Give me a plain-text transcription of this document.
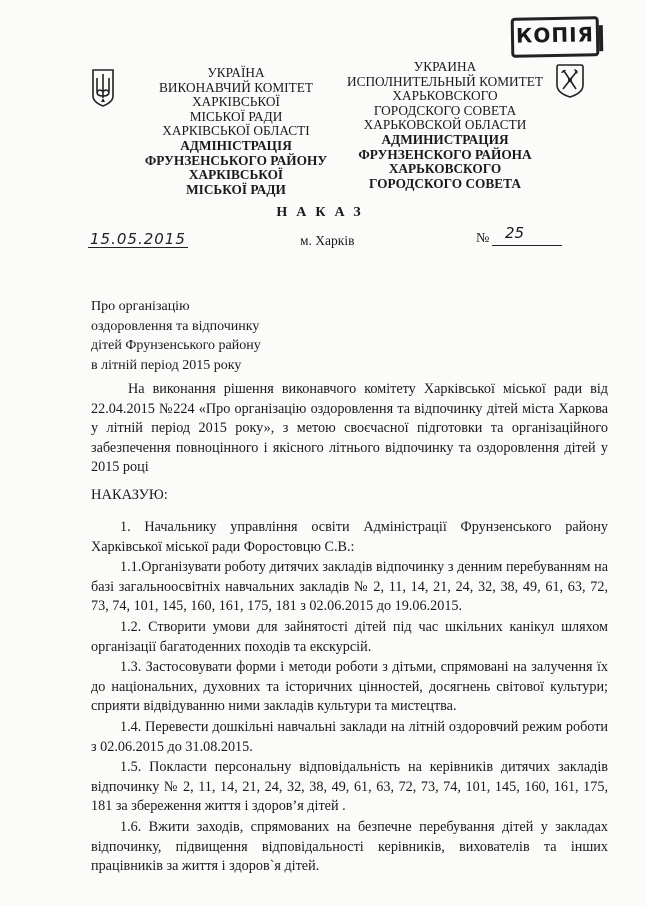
КОПІЯ
УКРАЇНА
ВИКОНАВЧИЙ КОМІТЕТ
ХАРКІВСЬКОЇ
МІСЬКОЇ РАДИ
ХАРКІВСЬКОЇ ОБЛАСТІ
АДМІНІСТРАЦІЯ
ФРУНЗЕНСЬКОГО РАЙОНУ
ХАРКІВСЬКОЇ
МІСЬКОЇ РАДИ
УКРАИНА
ИСПОЛНИТЕЛЬНЫЙ КОМИТЕТ
ХАРЬКОВСКОГО
ГОРОДСКОГО СОВЕТА
ХАРЬКОВСКОЙ ОБЛАСТИ
АДМИНИСТРАЦИЯ
ФРУНЗЕНСКОГО РАЙОНА
ХАРЬКОВСКОГО
ГОРОДСКОГО СОВЕТА
НАКАЗ
15.05.2015	м. Харків	№ 25
Про організацію
оздоровлення та відпочинку
дітей Фрунзенського району
в літній період 2015 року

На виконання рішення виконавчого комітету Харківської міської ради від 22.04.2015 №224 «Про організацію оздоровлення та відпочинку дітей міста Харкова у літній період 2015 року», з метою своєчасної підготовки та організаційного забезпечення повноцінного і якісного літнього відпочинку та оздоровлення дітей у 2015 році

НАКАЗУЮ:

1. Начальнику управління освіти Адміністрації Фрунзенського району Харківської міської ради Форостовцю С.В.:

1.1.Організувати роботу дитячих закладів відпочинку з денним перебуванням на базі загальноосвітніх навчальних закладів № 2, 11, 14, 21, 24, 32, 38, 49, 61, 63, 72, 73, 74, 101, 145, 160, 161, 175, 181 з 02.06.2015 до 19.06.2015.

1.2. Створити умови для зайнятості дітей під час шкільних канікул шляхом організації багатоденних походів та екскурсій.

1.3. Застосовувати форми і методи роботи з дітьми, спрямовані на залучення їх до національних, духовних та історичних цінностей, досягнень світової культури; сприяти відвідуванню ними закладів культури та мистецтва.

1.4. Перевести дошкільні навчальні заклади на літній оздоровчий режим роботи з 02.06.2015 до 31.08.2015.

1.5. Покласти персональну відповідальність на керівників дитячих закладів відпочинку № 2, 11, 14, 21, 24, 32, 38, 49, 61, 63, 72, 73, 74, 101, 145, 160, 161, 175, 181 за збереження життя і здоров’я дітей .

1.6. Вжити заходів, спрямованих на безпечне перебування дітей у закладах відпочинку, підвищення відповідальності керівників, вихователів та інших працівників за життя і здоров`я дітей.
